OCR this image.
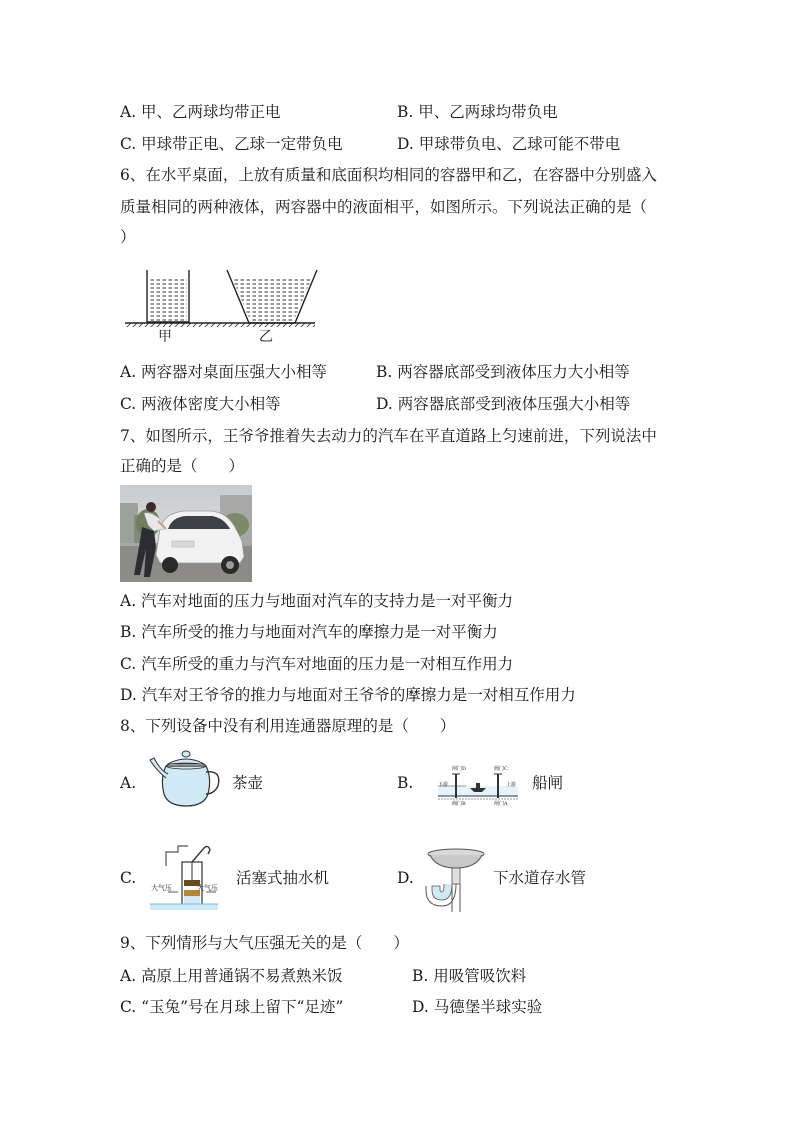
A. 甲、乙两球均带正电	B. 甲、乙两球均带负电
C. 甲球带正电、乙球一定带负电	D. 甲球带负电、乙球可能不带电
6、在水平桌面，上放有质量和底面积均相同的容器甲和乙，在容器中分别盛入
质量相同的两种液体，两容器中的液面相平，如图所示。下列说法正确的是（
）
甲	乙
A. 两容器对桌面压强大小相等	B. 两容器底部受到液体压力大小相等
C. 两液体密度大小相等	D. 两容器底部受到液体压强大小相等
7、如图所示，王爷爷推着失去动力的汽车在平直道路上匀速前进，下列说法中
正确的是（　　）
A. 汽车对地面的压力与地面对汽车的支持力是一对平衡力
B. 汽车所受的推力与地面对汽车的摩擦力是一对平衡力
C. 汽车所受的重力与汽车对地面的压力是一对相互作用力
D. 汽车对王爷爷的推力与地面对王爷爷的摩擦力是一对相互作用力
8、下列设备中没有利用连通器原理的是（　　）
A.	茶壶	B.
闸门D	阀门C
下游	上游
阀门B	闸门A
船闸
C.
大气压	大气压
活塞式抽水机	D.	下水道存水管
9、下列情形与大气压强无关的是（　　）
A. 高原上用普通锅不易煮熟米饭	B. 用吸管吸饮料
C. “玉兔”号在月球上留下“足迹”	D. 马德堡半球实验
